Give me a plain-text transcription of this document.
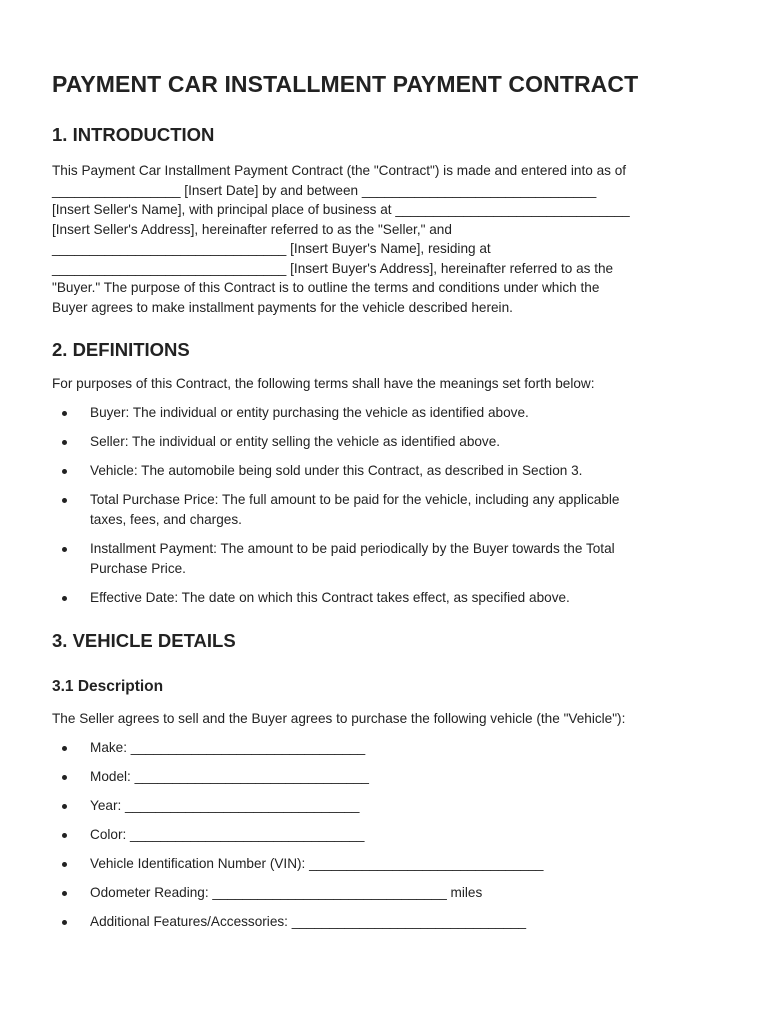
PAYMENT CAR INSTALLMENT PAYMENT CONTRACT
1. INTRODUCTION
This Payment Car Installment Payment Contract (the "Contract") is made and entered into as of
_________________ [Insert Date] by and between _______________________________
[Insert Seller's Name], with principal place of business at _______________________________
[Insert Seller's Address], hereinafter referred to as the "Seller," and
_______________________________ [Insert Buyer's Name], residing at
_______________________________ [Insert Buyer's Address], hereinafter referred to as the
"Buyer." The purpose of this Contract is to outline the terms and conditions under which the
Buyer agrees to make installment payments for the vehicle described herein.
2. DEFINITIONS

For purposes of this Contract, the following terms shall have the meanings set forth below:

Buyer: The individual or entity purchasing the vehicle as identified above.
Seller: The individual or entity selling the vehicle as identified above.
Vehicle: The automobile being sold under this Contract, as described in Section 3.
Total Purchase Price: The full amount to be paid for the vehicle, including any applicable
taxes, fees, and charges.
Installment Payment: The amount to be paid periodically by the Buyer towards the Total
Purchase Price.
Effective Date: The date on which this Contract takes effect, as specified above.
3. VEHICLE DETAILS
3.1 Description

The Seller agrees to sell and the Buyer agrees to purchase the following vehicle (the "Vehicle"):

Make: _______________________________
Model: _______________________________
Year: _______________________________
Color: _______________________________
Vehicle Identification Number (VIN): _______________________________
Odometer Reading: _______________________________ miles
Additional Features/Accessories: _______________________________
